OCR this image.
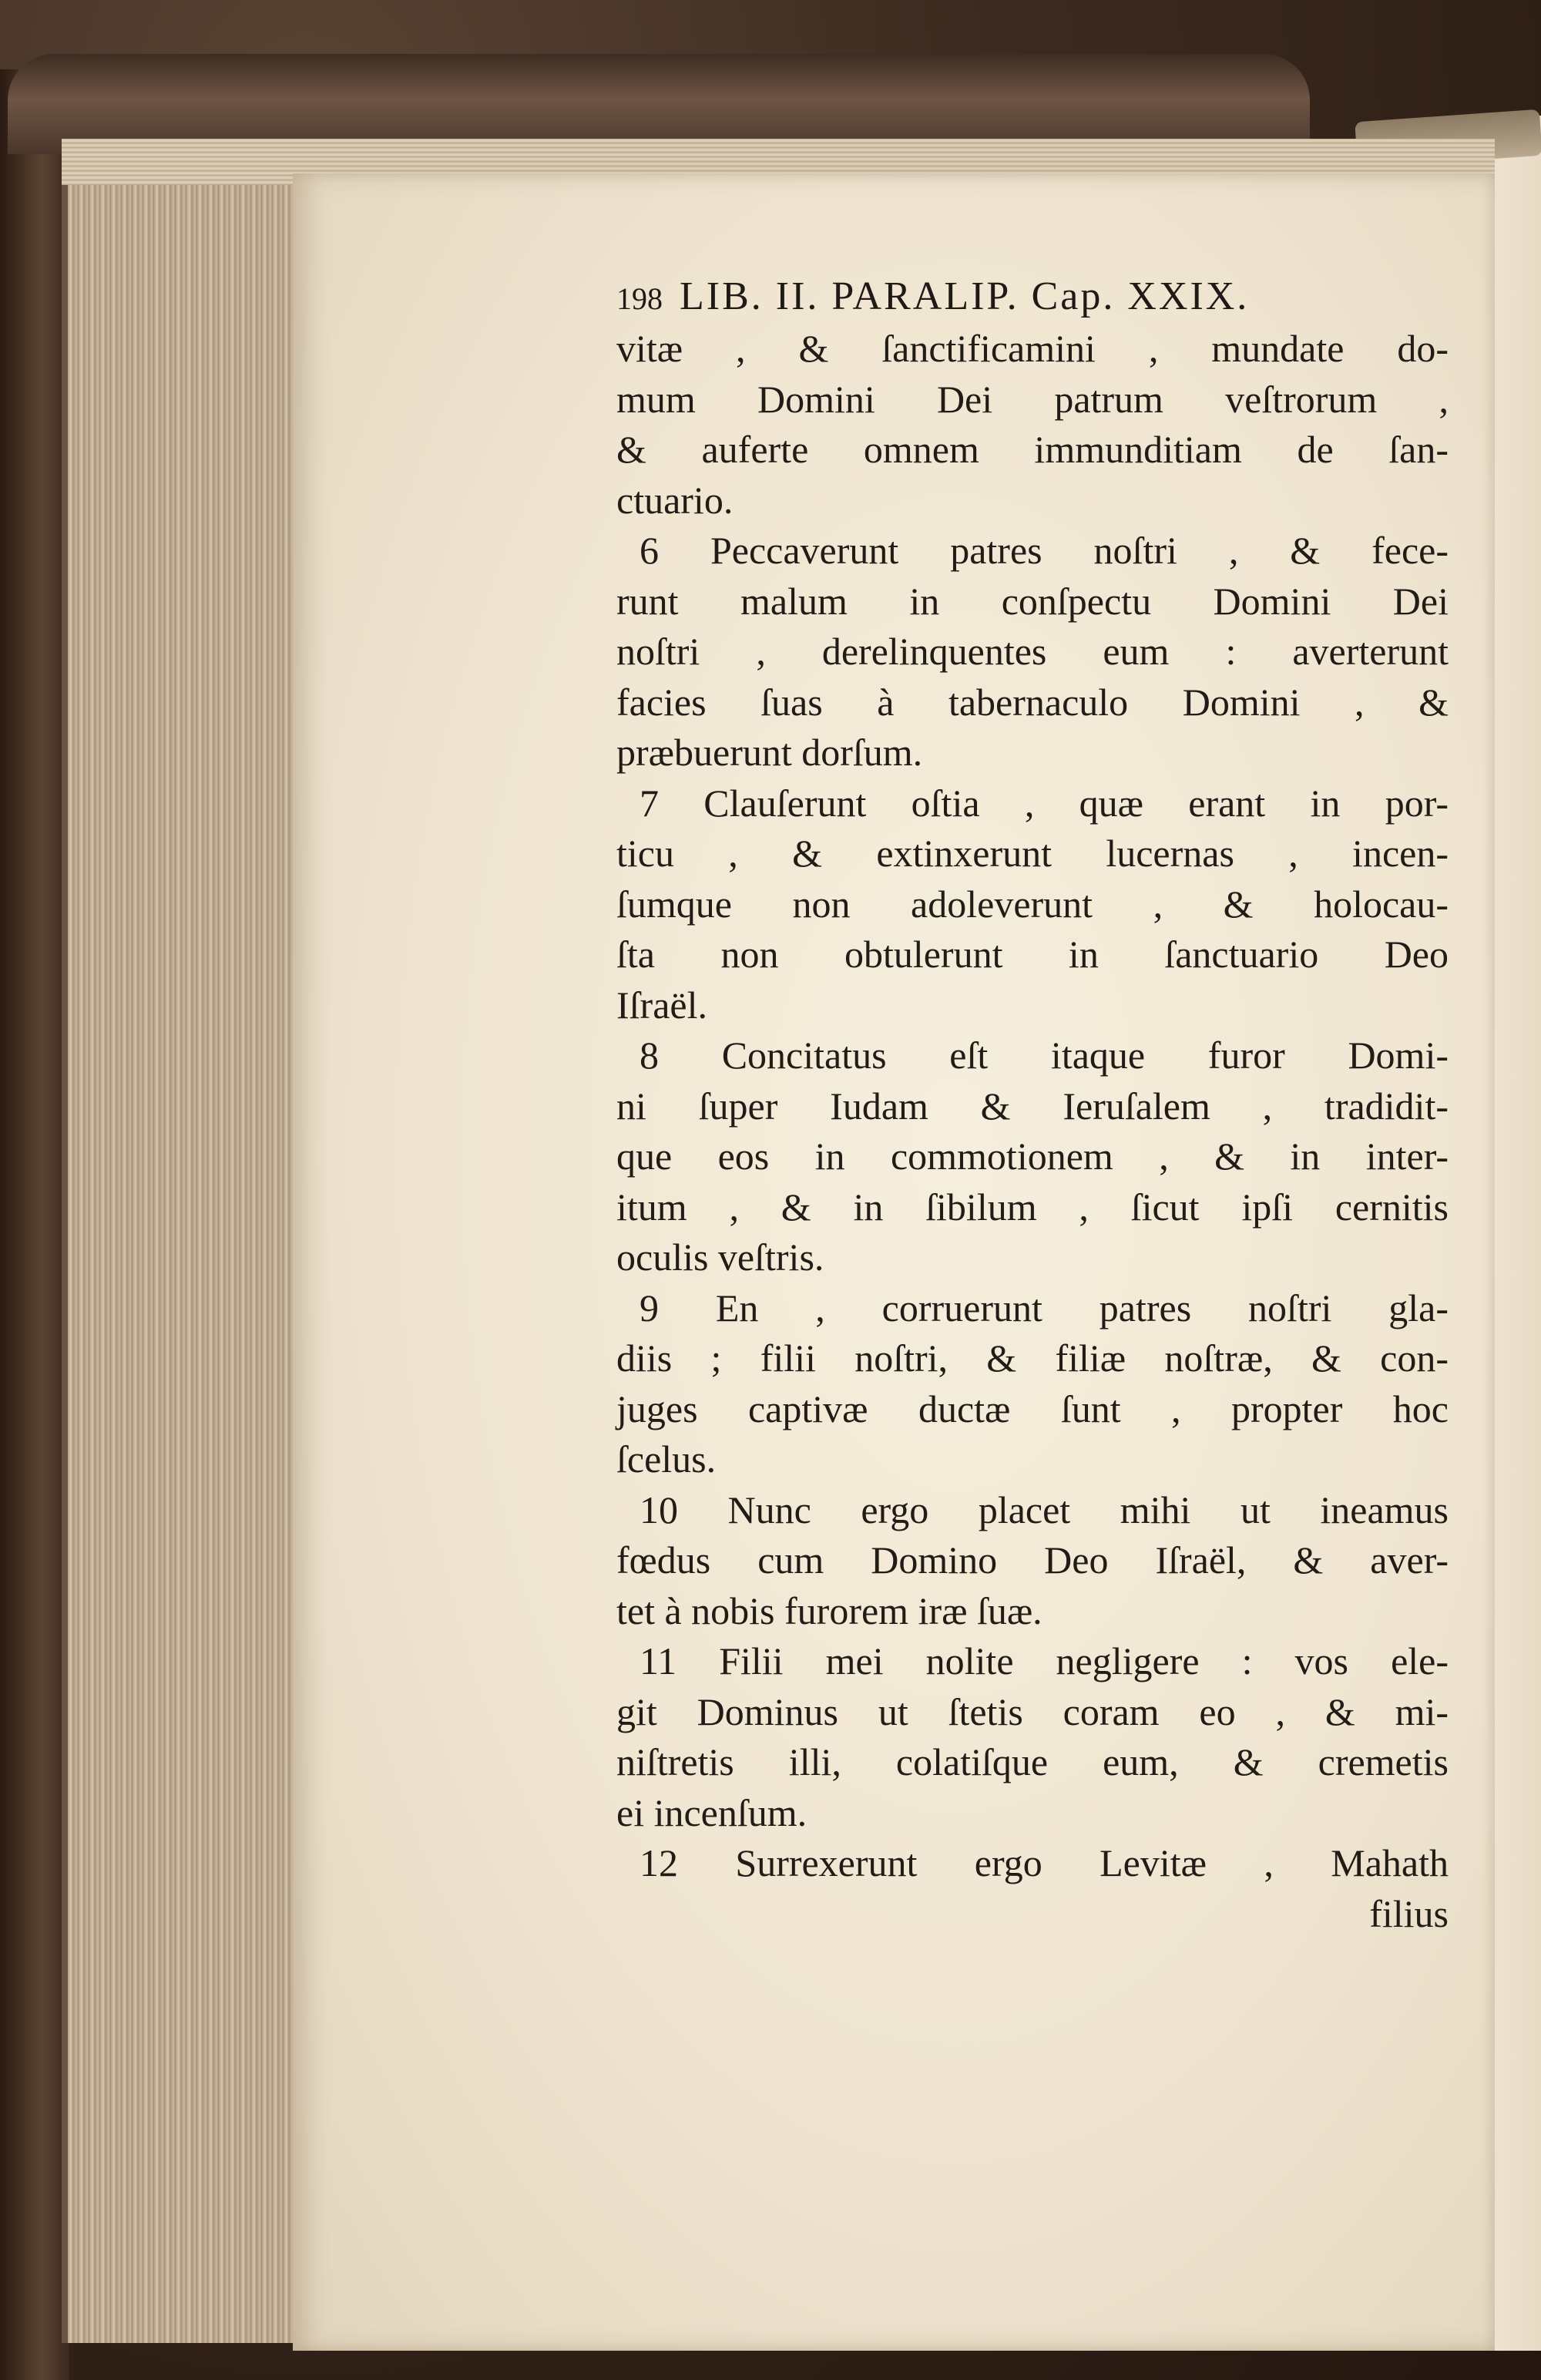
198 LIB. II. PARALIP. Cap. XXIX.
vitæ , & ſanctificamini , mundate do-
mum Domini Dei patrum veſtrorum ,
& auferte omnem immunditiam de ſan-
ctuario.
6 Peccaverunt patres noſtri , & fece-
runt malum in conſpectu Domini Dei
noſtri , derelinquentes eum : averterunt
facies ſuas à tabernaculo Domini , &
præbuerunt dorſum.
7 Clauſerunt oſtia , quæ erant in por-
ticu , & extinxerunt lucernas , incen-
ſumque non adoleverunt , & holocau-
ſta non obtulerunt in ſanctuario Deo
Iſraël.
8 Concitatus eſt itaque furor Domi-
ni ſuper Iudam & Ieruſalem , tradidit-
que eos in commotionem , & in inter-
itum , & in ſibilum , ſicut ipſi cernitis
oculis veſtris.
9 En , corruerunt patres noſtri gla-
diis ; filii noſtri, & filiæ noſtræ, & con-
juges captivæ ductæ ſunt , propter hoc
ſcelus.
10 Nunc ergo placet mihi ut ineamus
fœdus cum Domino Deo Iſraël, & aver-
tet à nobis furorem iræ ſuæ.
11 Filii mei nolite negligere : vos ele-
git Dominus ut ſtetis coram eo , & mi-
niſtretis illi, colatiſque eum, & cremetis
ei incenſum.
12 Surrexerunt ergo Levitæ , Mahath
filius
